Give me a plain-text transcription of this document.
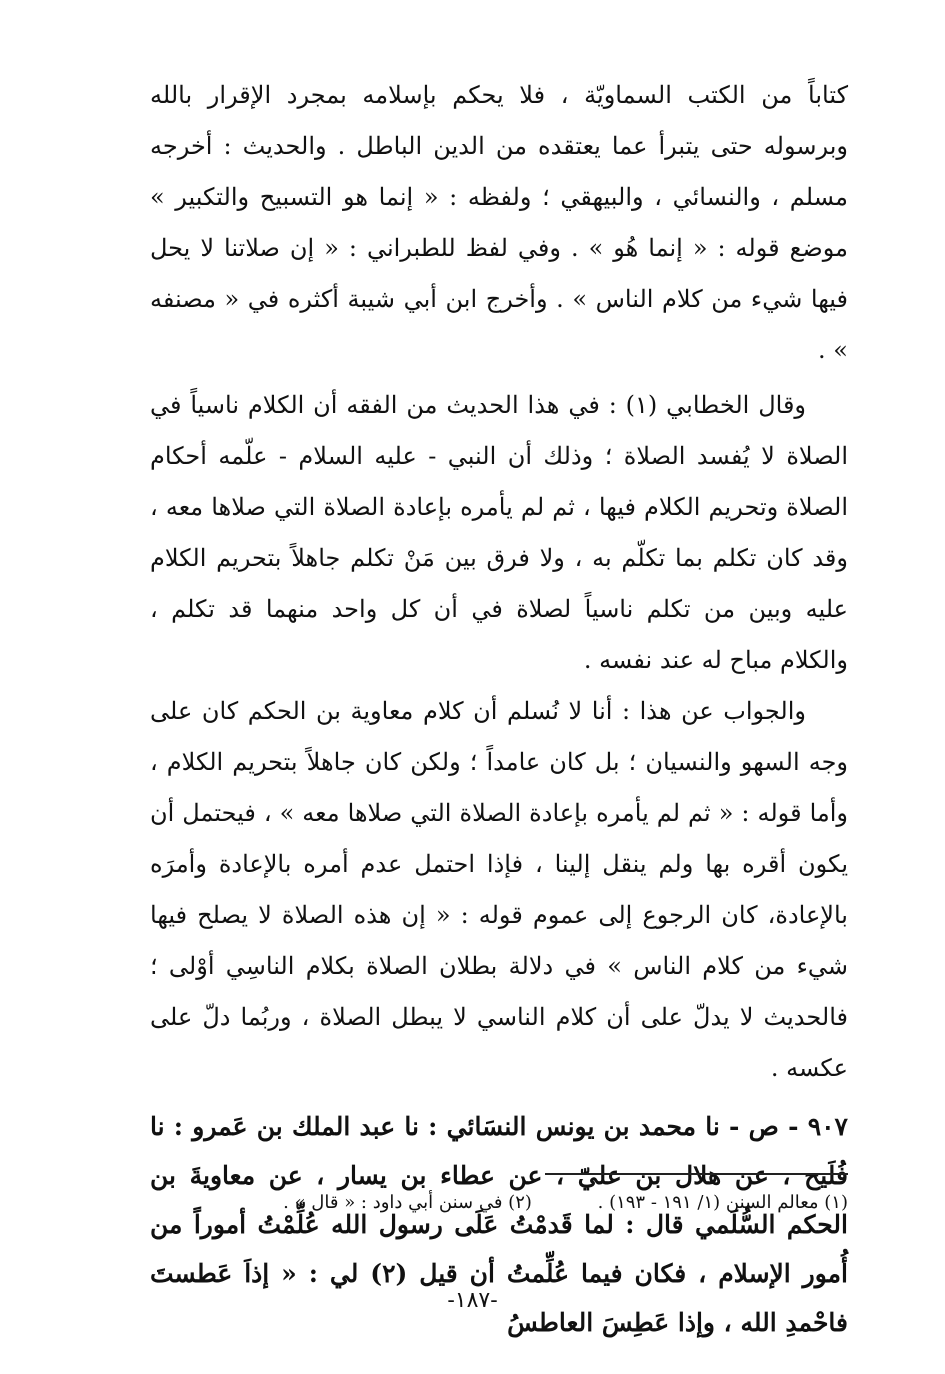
كتاباً من الكتب السماويّة ، فلا يحكم بإسلامه بمجرد الإقرار بالله وبرسوله حتى يتبرأ عما يعتقده من الدين الباطل . والحديث : أخرجه مسلم ، والنسائي ، والبيهقي ؛ ولفظه : « إنما هو التسبيح والتكبير » موضع قوله : « إنما هُو » . وفي لفظ للطبراني : « إن صلاتنا لا يحل فيها شيء من كلام الناس » . وأخرج ابن أبي شيبة أكثره في « مصنفه » .

وقال الخطابي (١) : في هذا الحديث من الفقه أن الكلام ناسياً في الصلاة لا يُفسد الصلاة ؛ وذلك أن النبي - عليه السلام - علّمه أحكام الصلاة وتحريم الكلام فيها ، ثم لم يأمره بإعادة الصلاة التي صلاها معه ، وقد كان تكلم بما تكلّم به ، ولا فرق بين مَنْ تكلم جاهلاً بتحريم الكلام عليه وبين من تكلم ناسياً لصلاة في أن كل واحد منهما قد تكلم ، والكلام مباح له عند نفسه .

والجواب عن هذا : أنا لا نُسلم أن كلام معاوية بن الحكم كان على وجه السهو والنسيان ؛ بل كان عامداً ؛ ولكن كان جاهلاً بتحريم الكلام ، وأما قوله : « ثم لم يأمره بإعادة الصلاة التي صلاها معه » ، فيحتمل أن يكون أقره بها ولم ينقل إلينا ، فإذا احتمل عدم أمره بالإعادة وأمرَه بالإعادة، كان الرجوع إلى عموم قوله : « إن هذه الصلاة لا يصلح فيها شيء من كلام الناس » في دلالة بطلان الصلاة بكلام الناسِي أوْلى ؛ فالحديث لا يدلّ على أن كلام الناسي لا يبطل الصلاة ، وربُما دلّ على عكسه .

٩٠٧ - ص - نا محمد بن يونس النسَائي : نا عبد الملك بن عَمرو : نا فُلَيح ، عن هلال بن عليّ ، عن عطاء بن يسار ، عن معاويةَ بن الحكم السُّلَمي قال : لما قَدمْتُ عَلَى رسول الله عُلِّمْتُ أموراً من أُمور الإسلام ، فكان فيما عُلِّمتُ أن قيل (٢) لي : « إذاَ عَطستَ فاحْمدِ الله ، وإذا عَطِسَ العاطسُ

(١) معالم السنن (١/ ١٩١ - ١٩٣) . (٢) في سنن أبي داود : « قال » .
-١٨٧-
